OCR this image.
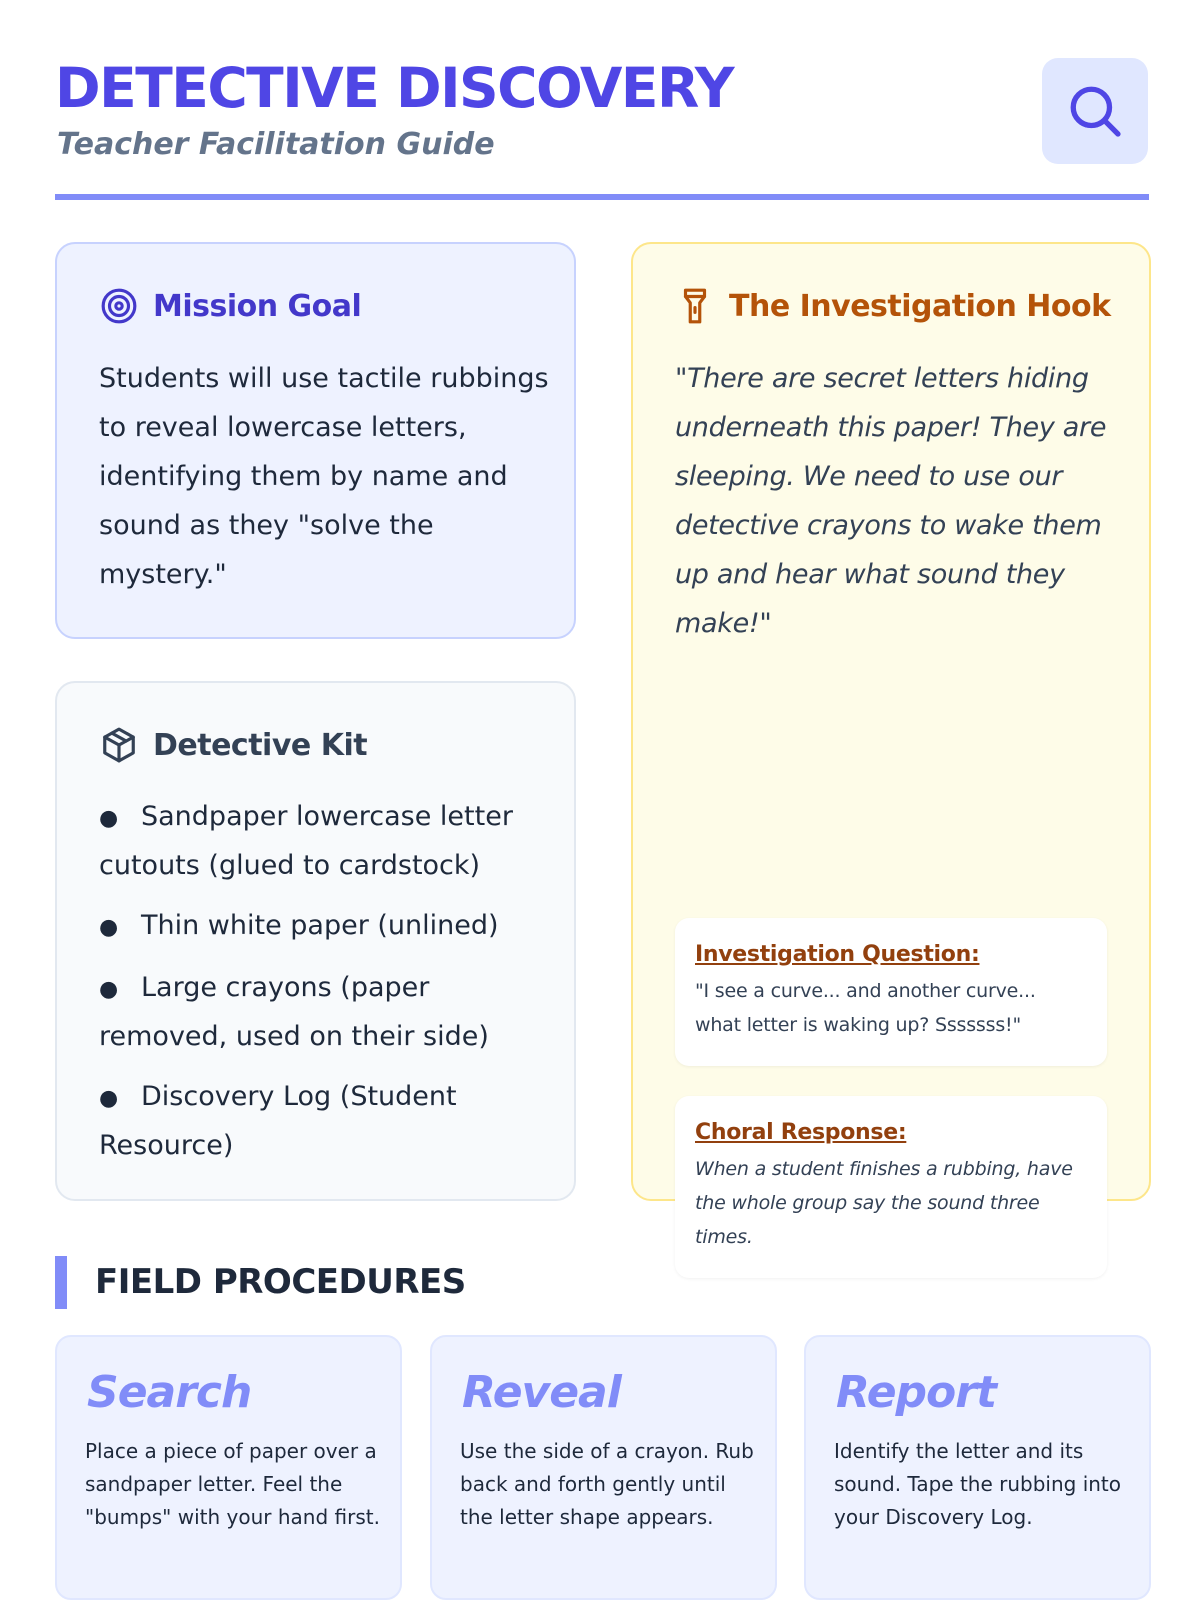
DETECTIVE DISCOVERY
Teacher Facilitation Guide
Mission Goal
Students will use tactile rubbings to reveal lowercase letters, identifying them by name and sound as they "solve the mystery."
Detective Kit
● Sandpaper lowercase letter cutouts (glued to cardstock)
● Thin white paper (unlined)
● Large crayons (paper removed, used on their side)
● Discovery Log (Student Resource)
The Investigation Hook
"There are secret letters hiding underneath this paper! They are sleeping. We need to use our detective crayons to wake them up and hear what sound they make!"
Investigation Question:
"I see a curve... and another curve... what letter is waking up? Sssssss!"
Choral Response:
When a student finishes a rubbing, have the whole group say the sound three times.
FIELD PROCEDURES
Search
Place a piece of paper over a sandpaper letter. Feel the "bumps" with your hand first.
Reveal
Use the side of a crayon. Rub back and forth gently until the letter shape appears.
Report
Identify the letter and its sound. Tape the rubbing into your Discovery Log.
